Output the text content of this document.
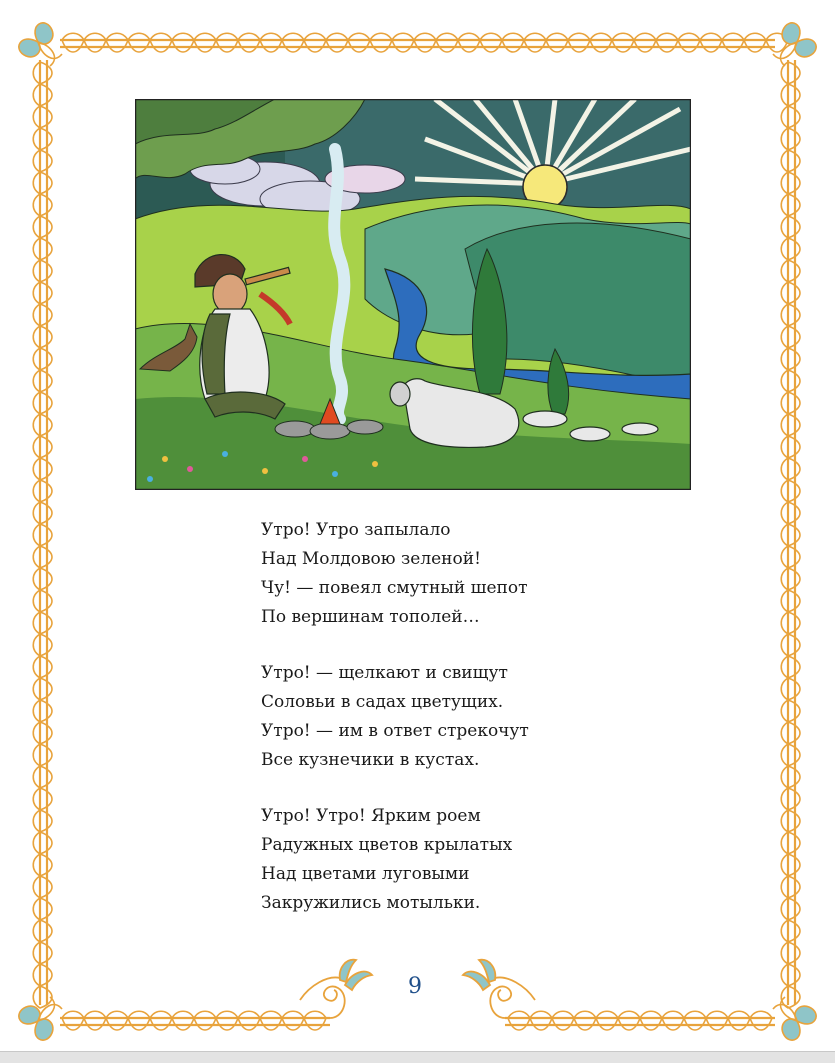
Утро! Утро запылало
Над Молдовою зеленой!
Чу! — повеял смутный шепот
По вершинам тополей…
Утро! — щелкают и свищут
Соловьи в садах цветущих.
Утро! — им в ответ стрекочут
Все кузнечики в кустах.
Утро! Утро! Ярким роем
Радужных цветов крылатых
Над цветами луговыми
Закружились мотыльки.
9
